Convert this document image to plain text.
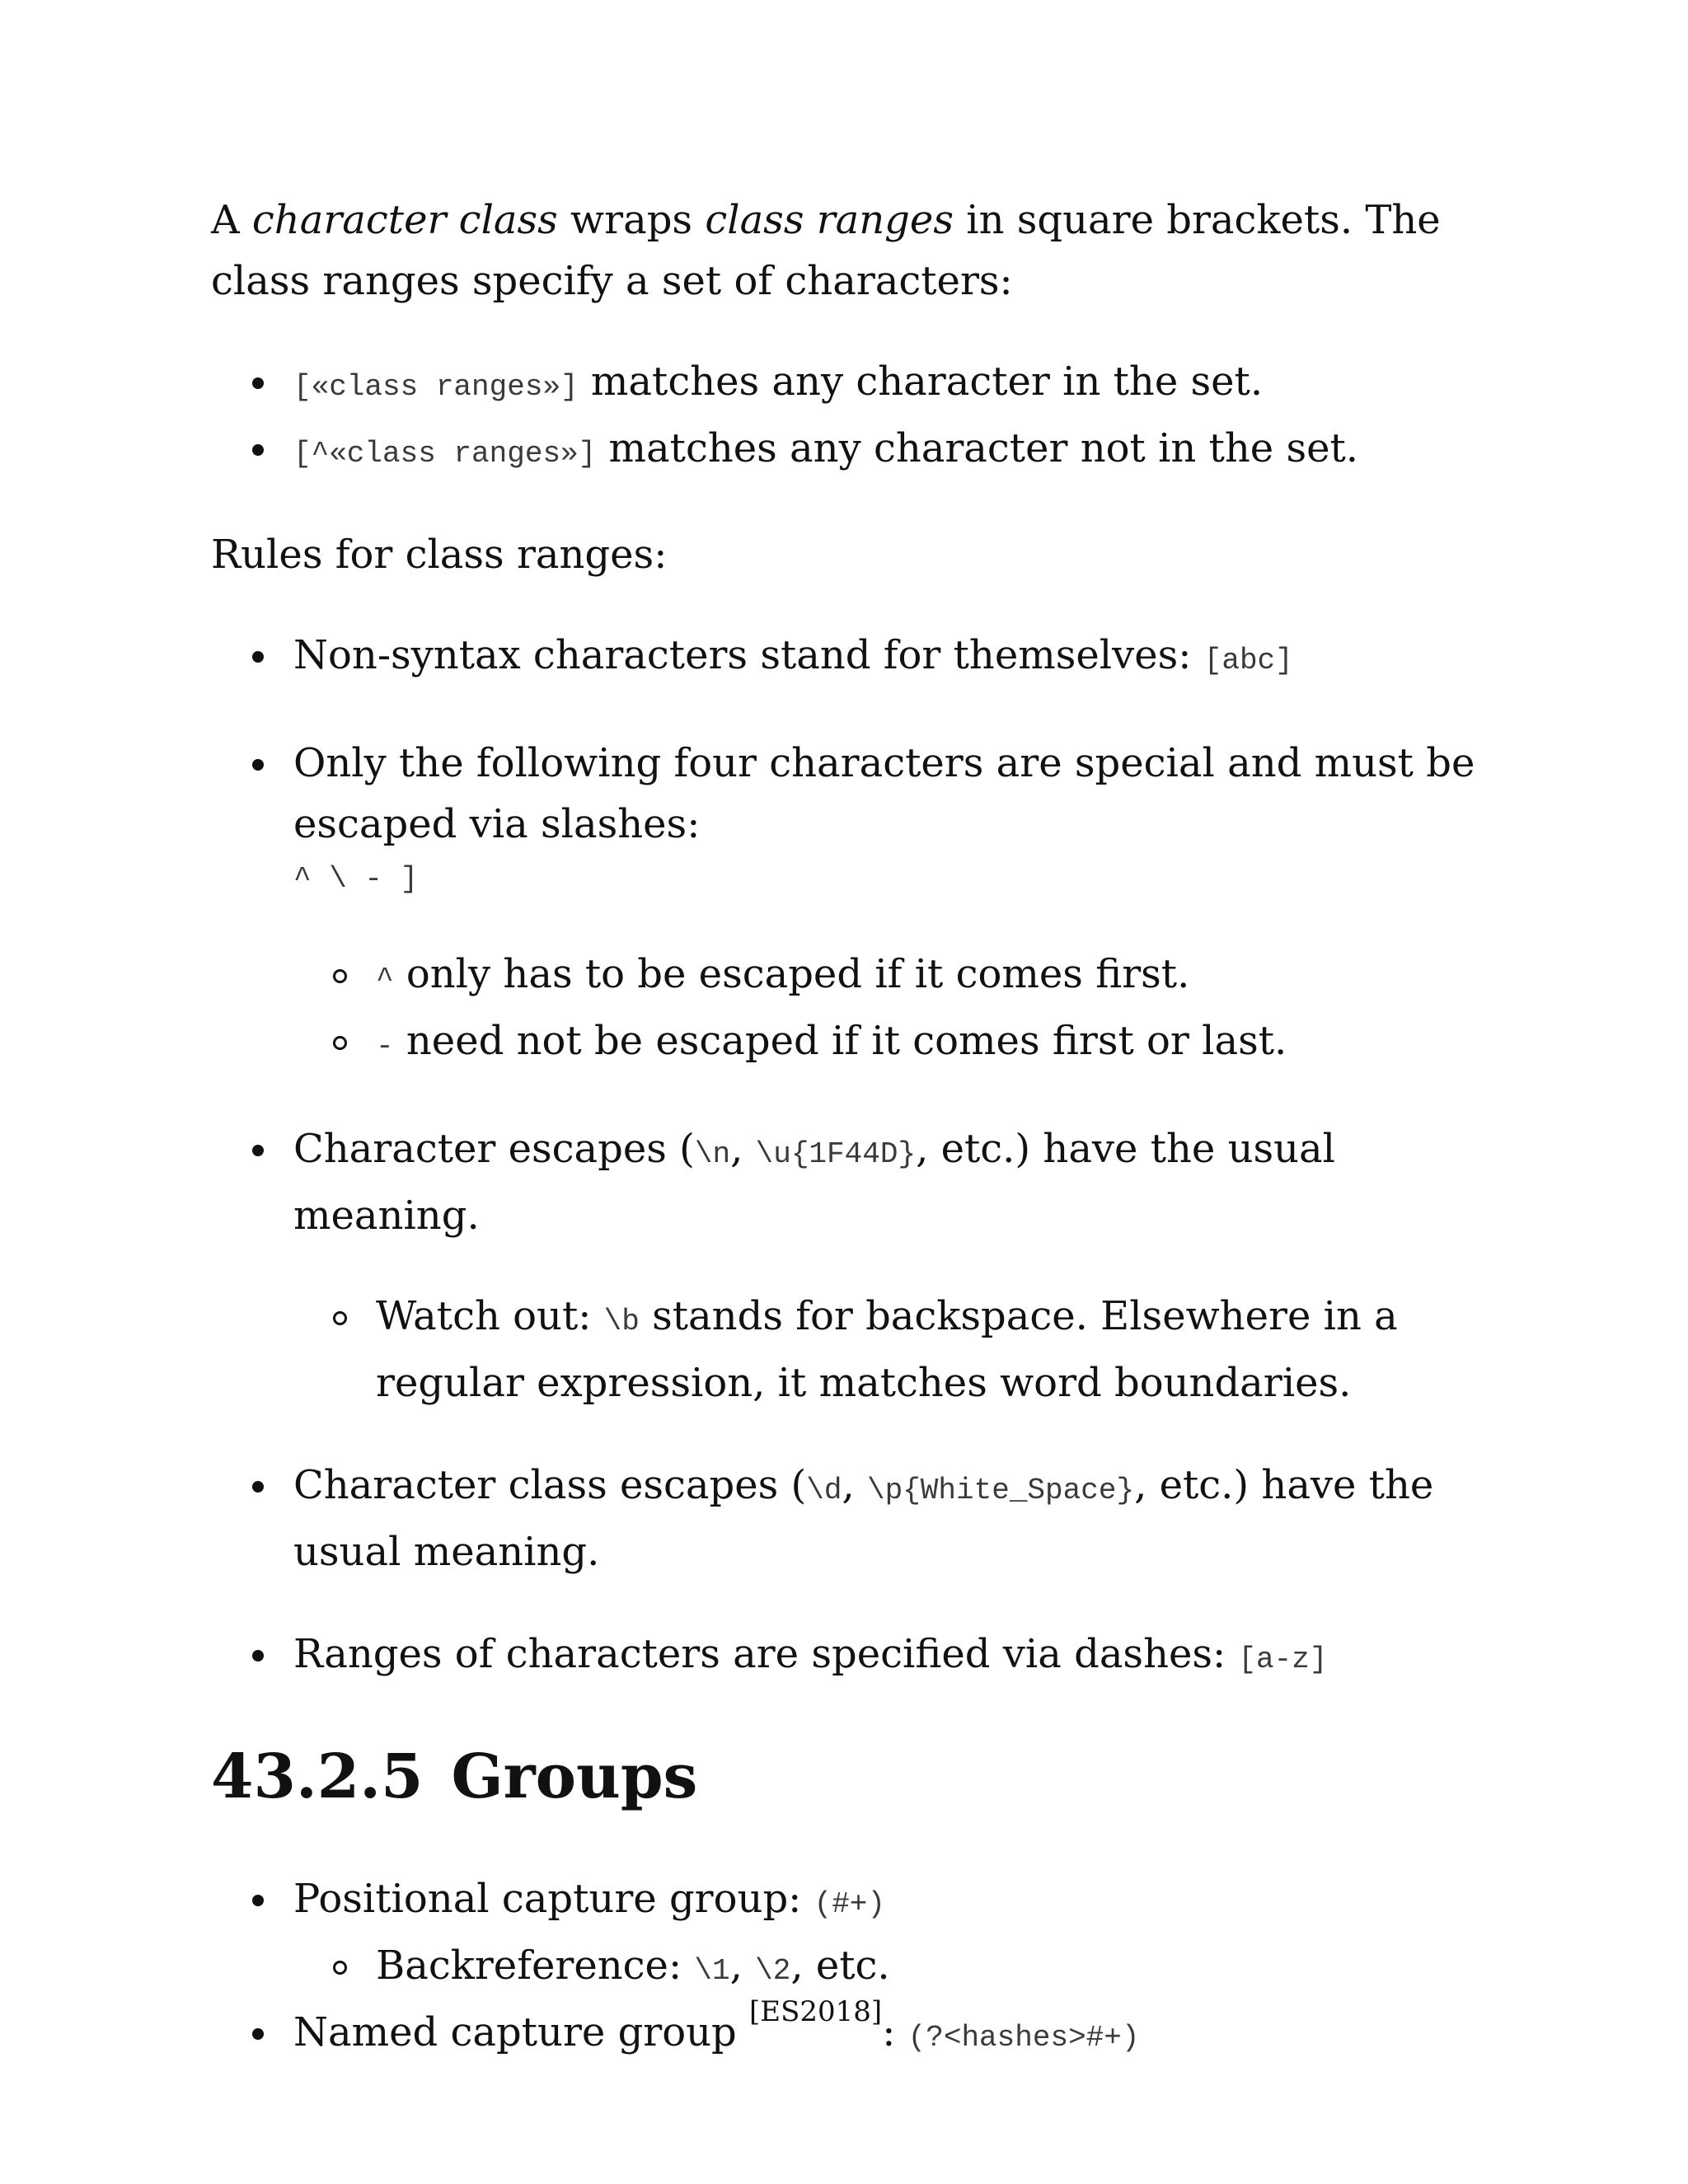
A character class wraps class ranges in square brackets. The class ranges specify a set of characters:

[«class ranges»] matches any character in the set.
[^«class ranges»] matches any character not in the set.

Rules for class ranges:

Non-syntax characters stand for themselves: [abc]
Only the following four characters are special and must be escaped via slashes:
^ \ - ]
^ only has to be escaped if it comes first.
- need not be escaped if it comes first or last.
Character escapes (\n, \u{1F44D}, etc.) have the usual meaning.
Watch out: \b stands for backspace. Elsewhere in a regular expression, it matches word boundaries.
Character class escapes (\d, \p{White_Space}, etc.) have the usual meaning.
Ranges of characters are specified via dashes: [a-z]
43.2.5 Groups
Positional capture group: (#+)
Backreference: \1, \2, etc.
Named capture group [ES2018]: (?<hashes>#+)
